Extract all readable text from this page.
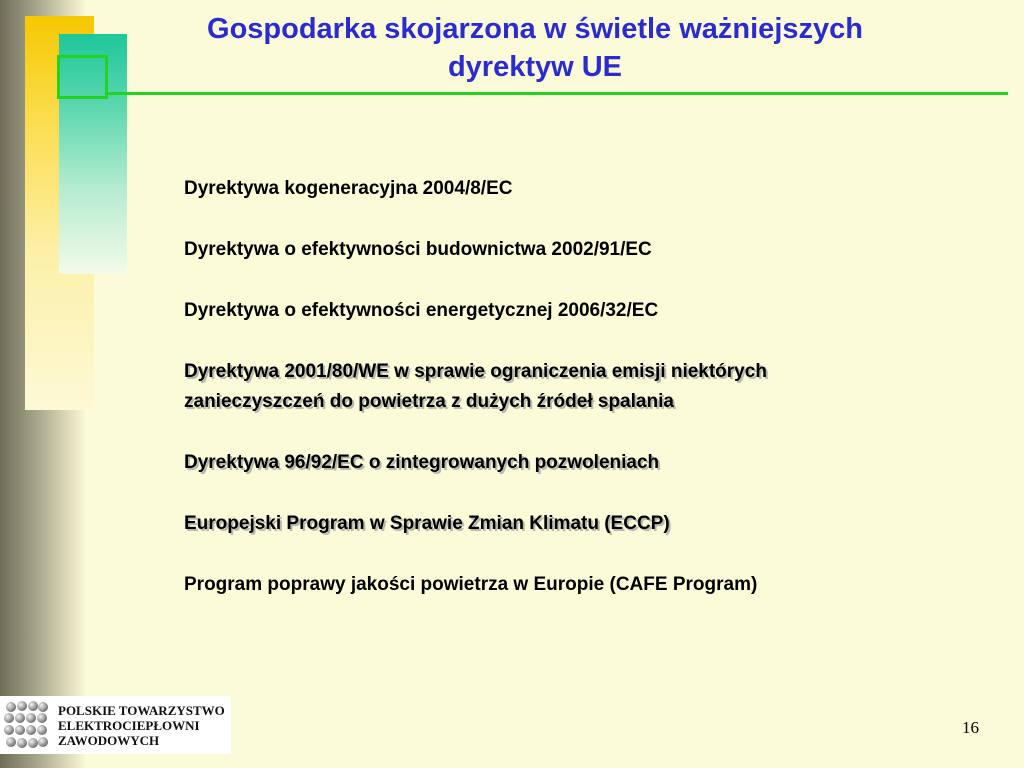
Gospodarka skojarzona w świetle ważniejszych
dyrektyw UE
Dyrektywa kogeneracyjna 2004/8/EC
Dyrektywa o efektywności budownictwa 2002/91/EC
Dyrektywa o efektywności energetycznej 2006/32/EC
Dyrektywa 2001/80/WE w sprawie ograniczenia emisji niektórych
zanieczyszczeń do powietrza z dużych źródeł spalania
Dyrektywa 96/92/EC o zintegrowanych pozwoleniach
Europejski Program w Sprawie Zmian Klimatu (ECCP)
Program poprawy jakości powietrza w Europie (CAFE Program)
POLSKIE TOWARZYSTWO
ELEKTROCIEPŁOWNI
ZAWODOWYCH
16
